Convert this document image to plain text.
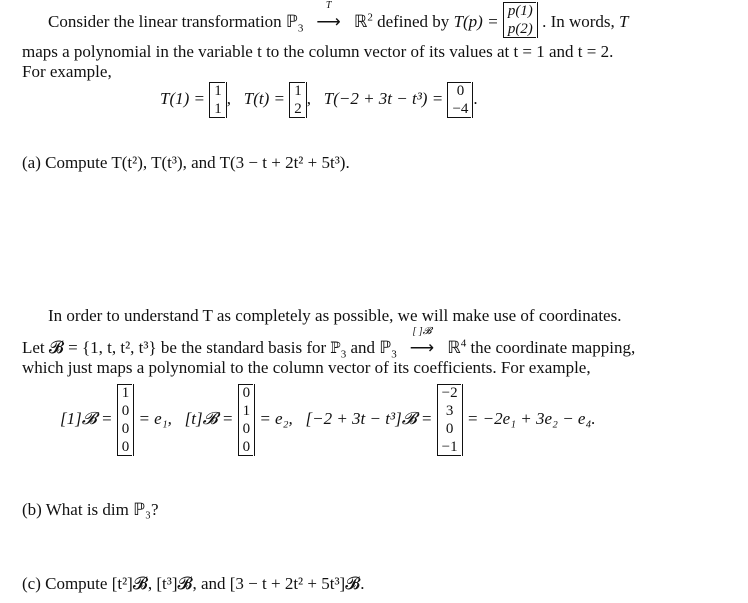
Consider the linear transformation ℙ$_3$
T
⟶ ℝ$^2$ defined by T(p) =
p(1)
p(2) . In words, T
maps a polynomial in the variable t to the column vector of its values at t = 1 and t = 2.
For example,
T(1) = 1
1
,   T(t) = 1
2
,   T(−2 + 3t − t³) = 0
−4
.
(a) Compute T(t²), T(t³), and T(3 − t + 2t² + 5t³).
In order to understand T as completely as possible, we will make use of coordinates.
Let 𝓑 = {1, t, t², t³} be the standard basis for ℙ$_3$ and ℙ$_3$
[ ]𝓑
⟶ ℝ$^4$ the coordinate mapping,
which just maps a polynomial to the column vector of its coefficients. For example,
[1]𝓑 =
1
0
0
0
= e₁, [t]𝓑 =
0
1
0
0
= e₂, [−2 + 3t − t³]𝓑 =
−2
3
0
−1
= −2e₁ + 3e₂ − e₄.
(b) What is dim ℙ₃?
(c) Compute [t²]𝓑, [t³]𝓑, and [3 − t + 2t² + 5t³]𝓑.
